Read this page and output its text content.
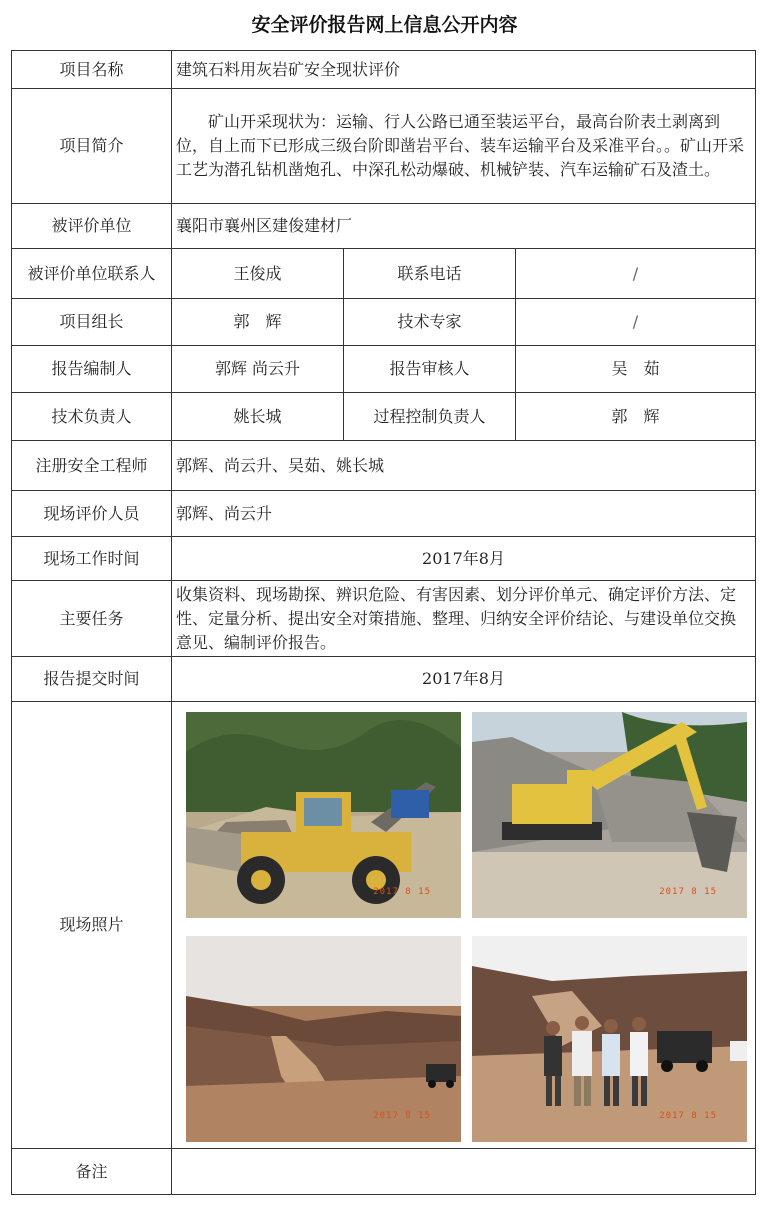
安全评价报告网上信息公开内容
项目名称	建筑石料用灰岩矿安全现状评价		
项目简介	矿山开采现状为：运输、行人公路已通至装运平台，最高台阶表土剥离到位，自上而下已形成三级台阶即凿岩平台、装车运输平台及采准平台。。矿山开采工艺为潜孔钻机凿炮孔、中深孔松动爆破、机械铲装、汽车运输矿石及渣土。		
被评价单位	襄阳市襄州区建俊建材厂		
被评价单位联系人	王俊成	联系电话	/
项目组长	郭　辉	技术专家	/
报告编制人	郭辉 尚云升	报告审核人	吴　茹
技术负责人	姚长城	过程控制负责人	郭　辉
注册安全工程师	郭辉、尚云升、吴茹、姚长城		
现场评价人员	郭辉、尚云升		
现场工作时间	2017年8月		
主要任务	收集资料、现场勘探、辨识危险、有害因素、划分评价单元、确定评价方法、定性、定量分析、提出安全对策措施、整理、归纳安全评价结论、与建设单位交换意见、编制评价报告。		
报告提交时间	2017年8月		
现场照片	2017 8 15 2017 8 15
2017 8 15 2017 8 15		

备注			
